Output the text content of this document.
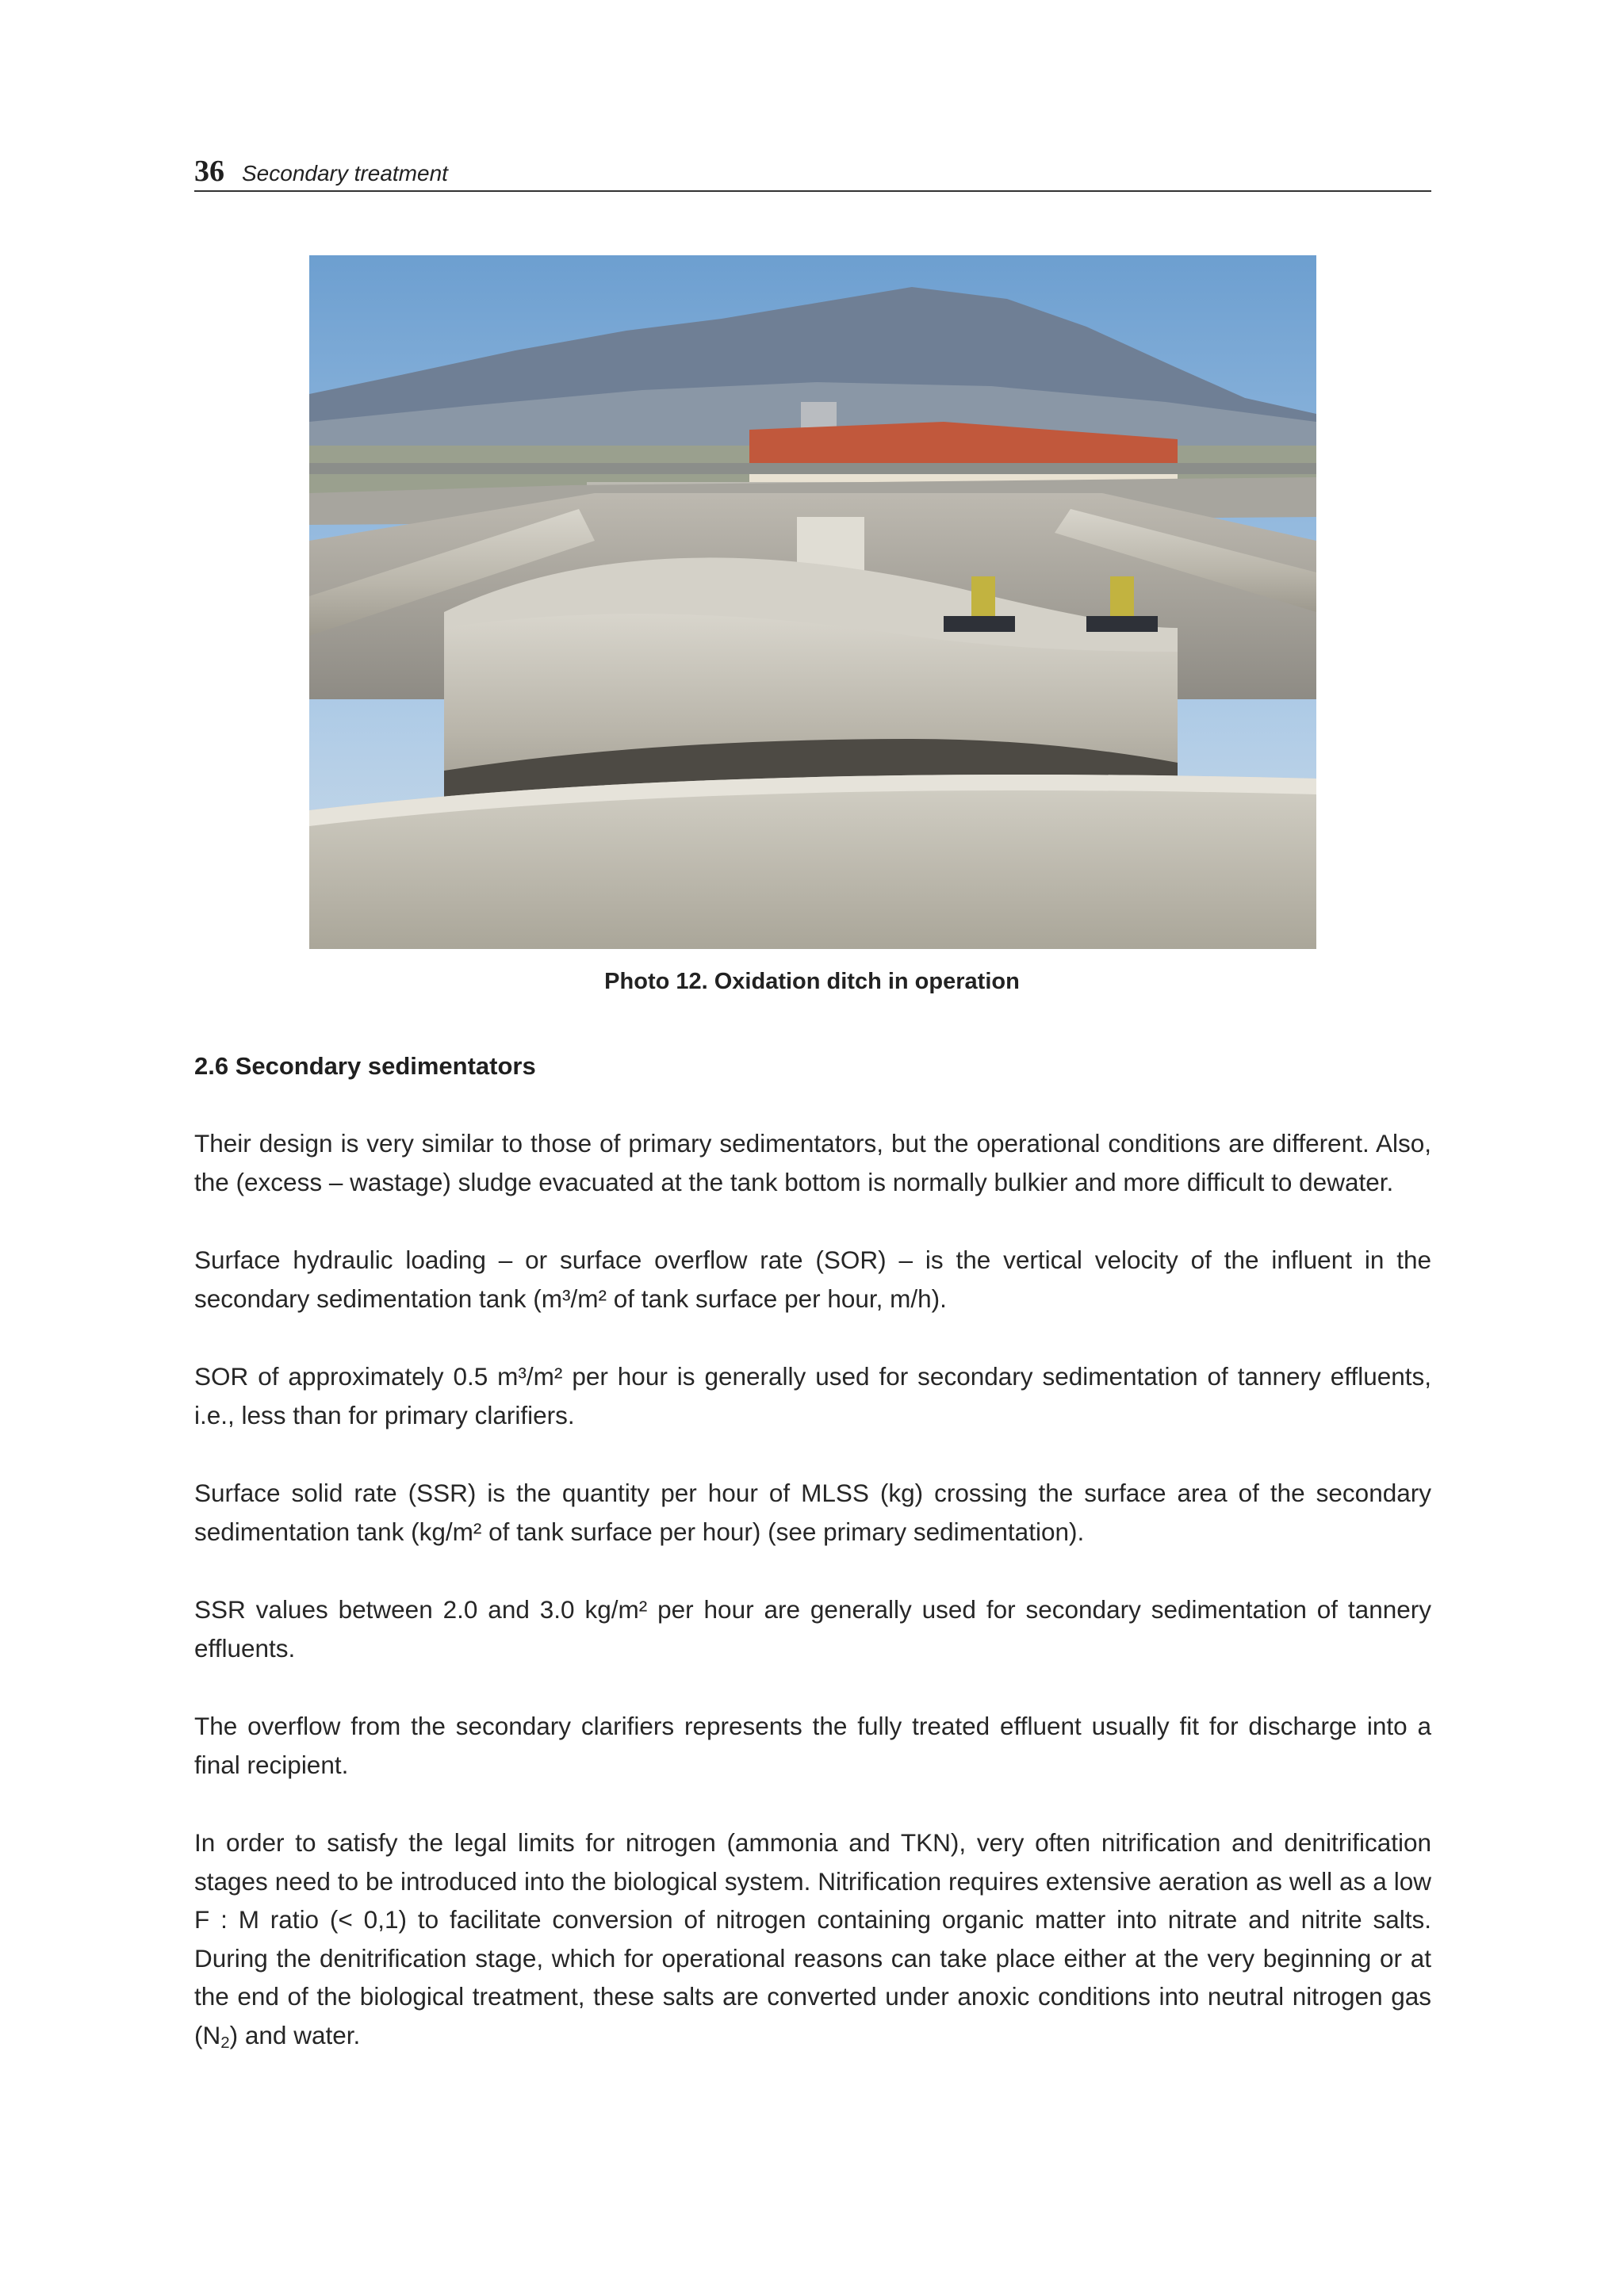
36 Secondary treatment
Photo 12. Oxidation ditch in operation
2.6 Secondary sedimentators

Their design is very similar to those of primary sedimentators, but the operational conditions are different. Also, the (excess – wastage) sludge evacuated at the tank bottom is normally bulkier and more difficult to dewater.

Surface hydraulic loading – or surface overflow rate (SOR) – is the vertical velocity of the influent in the secondary sedimentation tank (m³/m² of tank surface per hour, m/h).

SOR of approximately 0.5 m³/m² per hour is generally used for secondary sedimentation of tannery effluents, i.e., less than for primary clarifiers.

Surface solid rate (SSR) is the quantity per hour of MLSS (kg) crossing the surface area of the secondary sedimentation tank (kg/m² of tank surface per hour) (see primary sedimentation).

SSR values between 2.0 and 3.0 kg/m² per hour are generally used for secondary sedimentation of tannery effluents.

The overflow from the secondary clarifiers represents the fully treated effluent usually fit for discharge into a final recipient.

In order to satisfy the legal limits for nitrogen (ammonia and TKN), very often nitrification and denitrification stages need to be introduced into the biological system. Nitrification requires extensive aeration as well as a low F : M ratio (< 0,1) to facilitate conversion of nitrogen containing organic matter into nitrate and nitrite salts. During the denitrification stage, which for operational reasons can take place either at the very beginning or at the end of the biological treatment, these salts are converted under anoxic conditions into neutral nitrogen gas $(N_2)$ and water.
